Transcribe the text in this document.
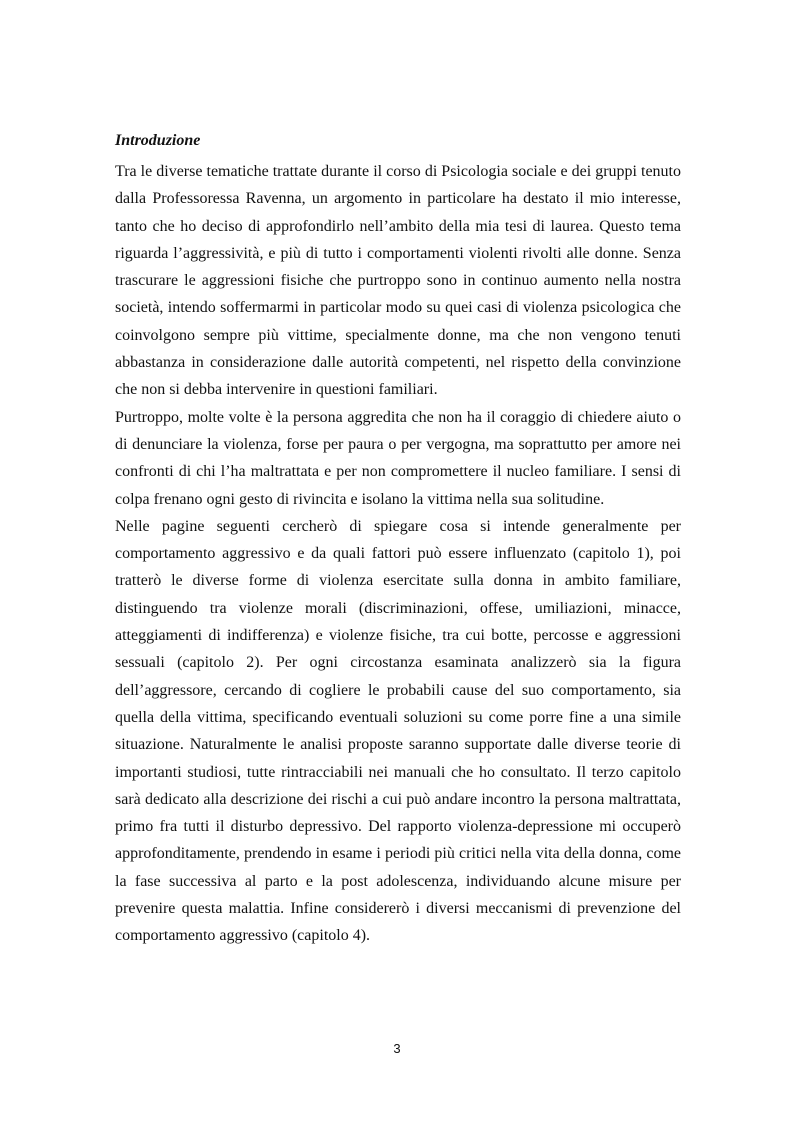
Introduzione

Tra le diverse tematiche trattate durante il corso di Psicologia sociale e dei gruppi tenuto dalla Professoressa Ravenna, un argomento in particolare ha destato il mio interesse, tanto che ho deciso di approfondirlo nell’ambito della mia tesi di laurea. Questo tema riguarda l’aggressività, e più di tutto i comportamenti violenti rivolti alle donne. Senza trascurare le aggressioni fisiche che purtroppo sono in continuo aumento nella nostra società, intendo soffermarmi in particolar modo su quei casi di violenza psicologica che coinvolgono sempre più vittime, specialmente donne, ma che non vengono tenuti abbastanza in considerazione dalle autorità competenti, nel rispetto della convinzione che non si debba intervenire in questioni familiari.

Purtroppo, molte volte è la persona aggredita che non ha il coraggio di chiedere aiuto o di denunciare la violenza, forse per paura o per vergogna, ma soprattutto per amore nei confronti di chi l’ha maltrattata e per non compromettere il nucleo familiare. I sensi di colpa frenano ogni gesto di rivincita e isolano la vittima nella sua solitudine.

Nelle pagine seguenti cercherò di spiegare cosa si intende generalmente per comportamento aggressivo e da quali fattori può essere influenzato (capitolo 1), poi tratterò le diverse forme di violenza esercitate sulla donna in ambito familiare, distinguendo tra violenze morali (discriminazioni, offese, umiliazioni, minacce, atteggiamenti di indifferenza) e violenze fisiche, tra cui botte, percosse e aggressioni sessuali (capitolo 2). Per ogni circostanza esaminata analizzerò sia la figura dell’aggressore, cercando di cogliere le probabili cause del suo comportamento, sia quella della vittima, specificando eventuali soluzioni su come porre fine a una simile situazione. Naturalmente le analisi proposte saranno supportate dalle diverse teorie di importanti studiosi, tutte rintracciabili nei manuali che ho consultato. Il terzo capitolo sarà dedicato alla descrizione dei rischi a cui può andare incontro la persona maltrattata, primo fra tutti il disturbo depressivo. Del rapporto violenza-depressione mi occuperò approfonditamente, prendendo in esame i periodi più critici nella vita della donna, come la fase successiva al parto e la post adolescenza, individuando alcune misure per prevenire questa malattia. Infine considererò i diversi meccanismi di prevenzione del comportamento aggressivo (capitolo 4).

3
